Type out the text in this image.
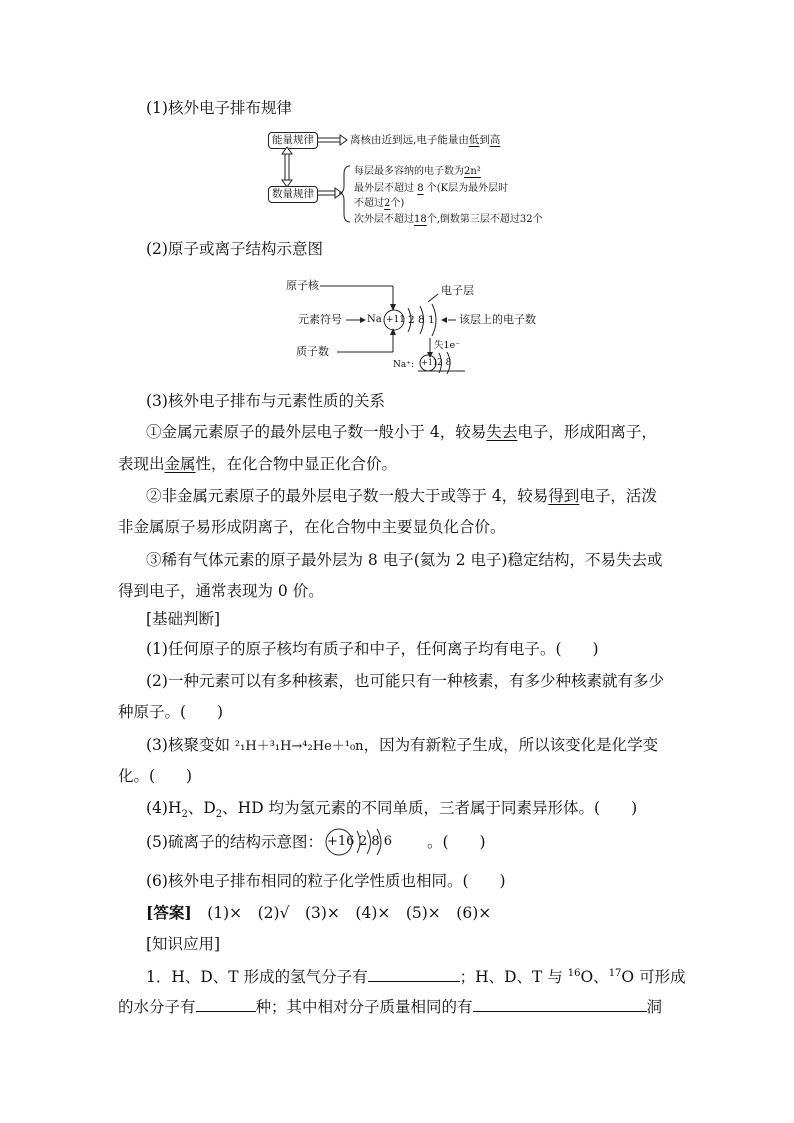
(1)核外电子排布规律
能量规律	离核由近到远,电子能量由低到高
数量规律
每层最多容纳的电子数为2n²
最外层不超过 8 个(K层为最外层时
不超过2个)
次外层不超过18个,倒数第三层不超过32个
(2)原子或离子结构示意图
原子核
元素符号
质子数
Na +11 2 8 1
电子层
该层上的电子数
失1e⁻
Na⁺: +11 2 8
(3)核外电子排布与元素性质的关系
①金属元素原子的最外层电子数一般小于 4，较易失去电子，形成阳离子，
表现出金属性，在化合物中显正化合价。
②非金属元素原子的最外层电子数一般大于或等于 4，较易得到电子，活泼
非金属原子易形成阴离子，在化合物中主要显负化合价。
③稀有气体元素的原子最外层为 8 电子(氦为 2 电子)稳定结构，不易失去或
得到电子，通常表现为 0 价。
[基础判断]
(1)任何原子的原子核均有质子和中子，任何离子均有电子。(　　)
(2)一种元素可以有多种核素，也可能只有一种核素，有多少种核素就有多少
种原子。(　　)
(3)核聚变如 ²₁H＋³₁H→⁴₂He＋¹₀n，因为有新粒子生成，所以该变化是化学变
化。(　　)
$(4)H_2$、$D_2$、HD 均为氢元素的不同单质，三者属于同素异形体。(　　)
(5)硫离子的结构示意图： +16 2 8 6 。(　　)
(6)核外电子排布相同的粒子化学性质也相同。(　　)
[答案]　 (1)×　(2)√　(3)×　(4)×　(5)×　(6)×
[知识应用]
1．H、D、T 形成的氢气分子有	；H、D、T 与 $^{16}$O、$^{17}$O 可形成
的水分子有	种；其中相对分子质量相同的有	洞
